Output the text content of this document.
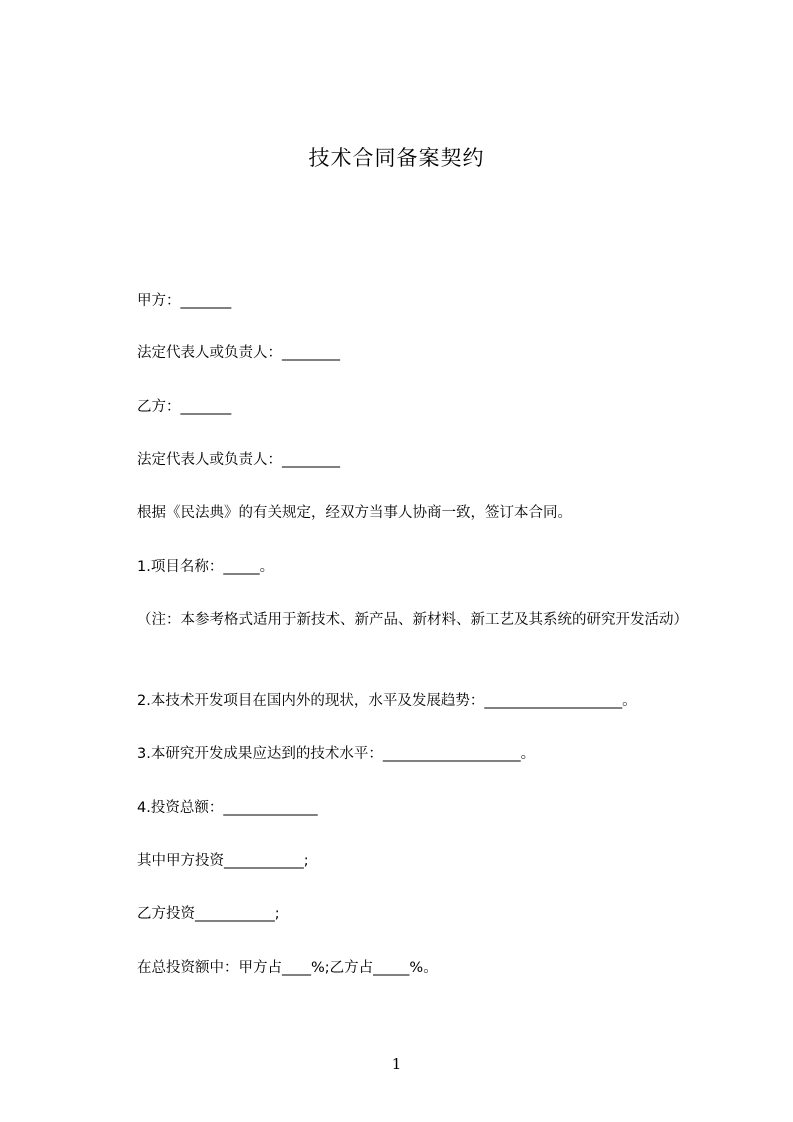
技术合同备案契约
甲方：_______
法定代表人或负责人：________
乙方：_______
法定代表人或负责人：________
根据《民法典》的有关规定，经双方当事人协商一致，签订本合同。
1.项目名称：_____。
（注：本参考格式适用于新技术、新产品、新材料、新工艺及其系统的研究开发活动）
2.本技术开发项目在国内外的现状，水平及发展趋势：___________________。
3.本研究开发成果应达到的技术水平：___________________。
4.投资总额：_____________
其中甲方投资___________;
乙方投资___________;
在总投资额中：甲方占____%;乙方占_____%。
1
